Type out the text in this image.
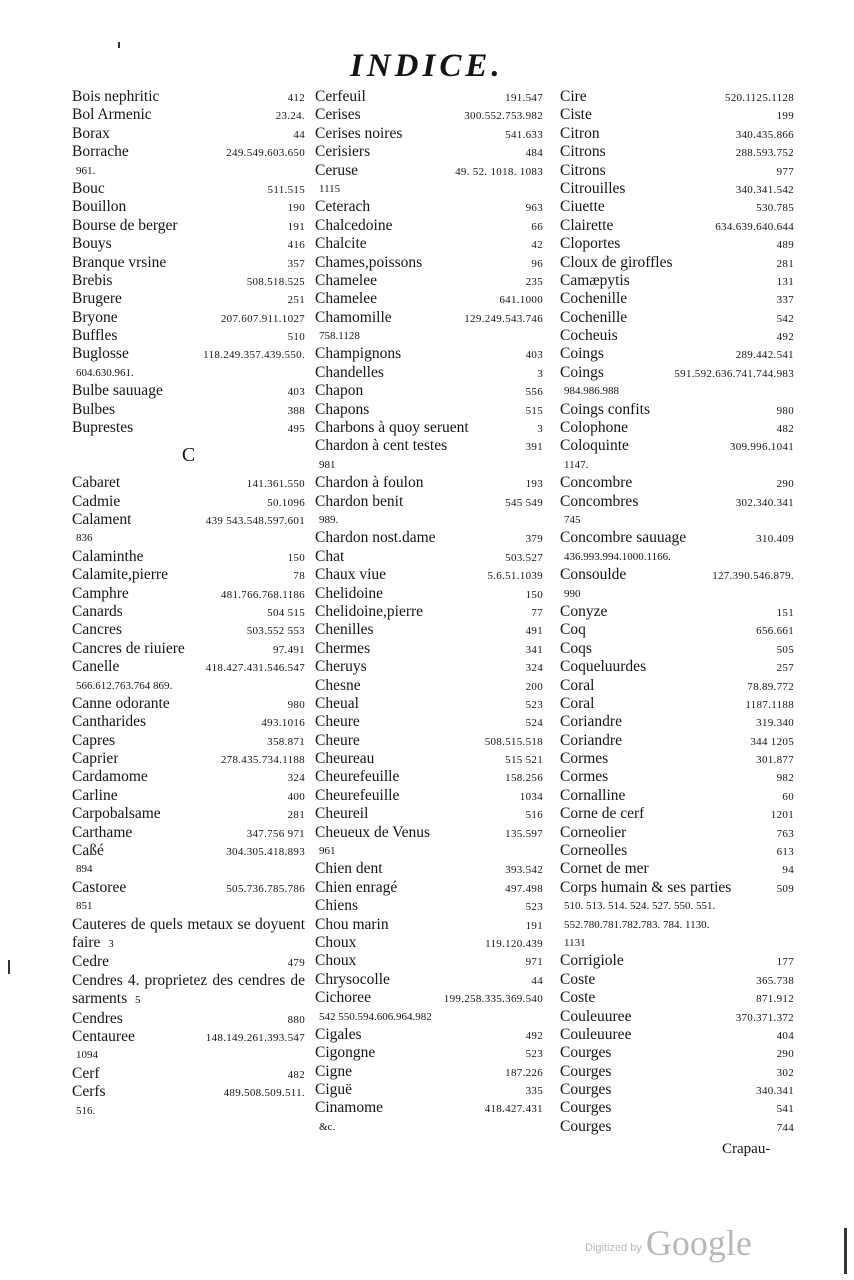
INDICE.
Bois nephritic	412
Bol Armenic	23.24.
Borax	44
Borrache	249.549.603.650
961.
Bouc	511.515
Bouillon	190
Bourse de berger	191
Bouys	416
Branque vrsine	357
Brebis	508.518.525
Brugere	251
Bryone	207.607.911.1027
Buffles	510
Buglosse	118.249.357.439.550.
604.630.961.
Bulbe sauuage	403
Bulbes	388
Buprestes	495
C
Cabaret	141.361.550
Cadmie	50.1096
Calament	439 543.548.597.601
836
Calaminthe	150
Calamite,pierre	78
Camphre	481.766.768.1186
Canards	504 515
Cancres	503.552 553
Cancres de riuiere	97.491
Canelle	418.427.431.546.547
566.612.763.764 869.
Canne odorante	980
Cantharides	493.1016
Capres	358.871
Caprier	278.435.734.1188
Cardamome	324
Carline	400
Carpobalsame	281
Carthame	347.756 971
Caßé	304.305.418.893
894
Castoree	505.736.785.786
851
Cauteres de quels metaux se doyuent faire 3
Cedre	479
Cendres 4. proprietez des cendres de sarments 5
Cendres	880
Centauree	148.149.261.393.547
1094
Cerf	482
Cerfs	489.508.509.511.
516.
Cerfeuil	191.547
Cerises	300.552.753.982
Cerises noires	541.633
Cerisiers	484
Ceruse	49. 52. 1018. 1083
1115
Ceterach	963
Chalcedoine	66
Chalcite	42
Chames,poissons	96
Chamelee	235
Chamelee	641.1000
Chamomille	129.249.543.746
758.1128
Champignons	403
Chandelles	3
Chapon	556
Chapons	515
Charbons à quoy seruent	3
Chardon à cent testes	391
981
Chardon à foulon	193
Chardon benit	545 549
989.
Chardon nost.dame	379
Chat	503.527
Chaux viue	5.6.51.1039
Chelidoine	150
Chelidoine,pierre	77
Chenilles	491
Chermes	341
Cheruys	324
Chesne	200
Cheual	523
Cheure	524
Cheure	508.515.518
Cheureau	515 521
Cheurefeuille	158.256
Cheurefeuille	1034
Cheureil	516
Cheueux de Venus	135.597
961
Chien dent	393.542
Chien enragé	497.498
Chiens	523
Chou marin	191
Choux	119.120.439
Choux	971
Chrysocolle	44
Cichoree	199.258.335.369.540
542 550.594.606.964.982
Cigales	492
Cigongne	523
Cigne	187.226
Ciguë	335
Cinamome	418.427.431
&c.
Cire	520.1125.1128
Ciste	199
Citron	340.435.866
Citrons	288.593.752
Citrons	977
Citrouilles	340.341.542
Ciuette	530.785
Clairette	634.639.640.644
Cloportes	489
Cloux de giroffles	281
Camæpytis	131
Cochenille	337
Cochenille	542
Cocheuis	492
Coings	289.442.541
Coings	591.592.636.741.744.983
984.986.988
Coings confits	980
Colophone	482
Coloquinte	309.996.1041
1147.
Concombre	290
Concombres	302.340.341
745
Concombre sauuage	310.409
436.993.994.1000.1166.
Consoulde	127.390.546.879.
990
Conyze	151
Coq	656.661
Coqs	505
Coqueluurdes	257
Coral	78.89.772
Coral	1187.1188
Coriandre	319.340
Coriandre	344 1205
Cormes	301.877
Cormes	982
Cornalline	60
Corne de cerf	1201
Corneolier	763
Corneolles	613
Cornet de mer	94
Corps humain & ses parties	509
510. 513. 514. 524. 527. 550. 551.
552.780.781.782.783. 784. 1130.
1131
Corrigiole	177
Coste	365.738
Coste	871.912
Couleuuree	370.371.372
Couleuuree	404
Courges	290
Courges	302
Courges	340.341
Courges	541
Courges	744
Crapau-
$^{Digitized by}$ Google
